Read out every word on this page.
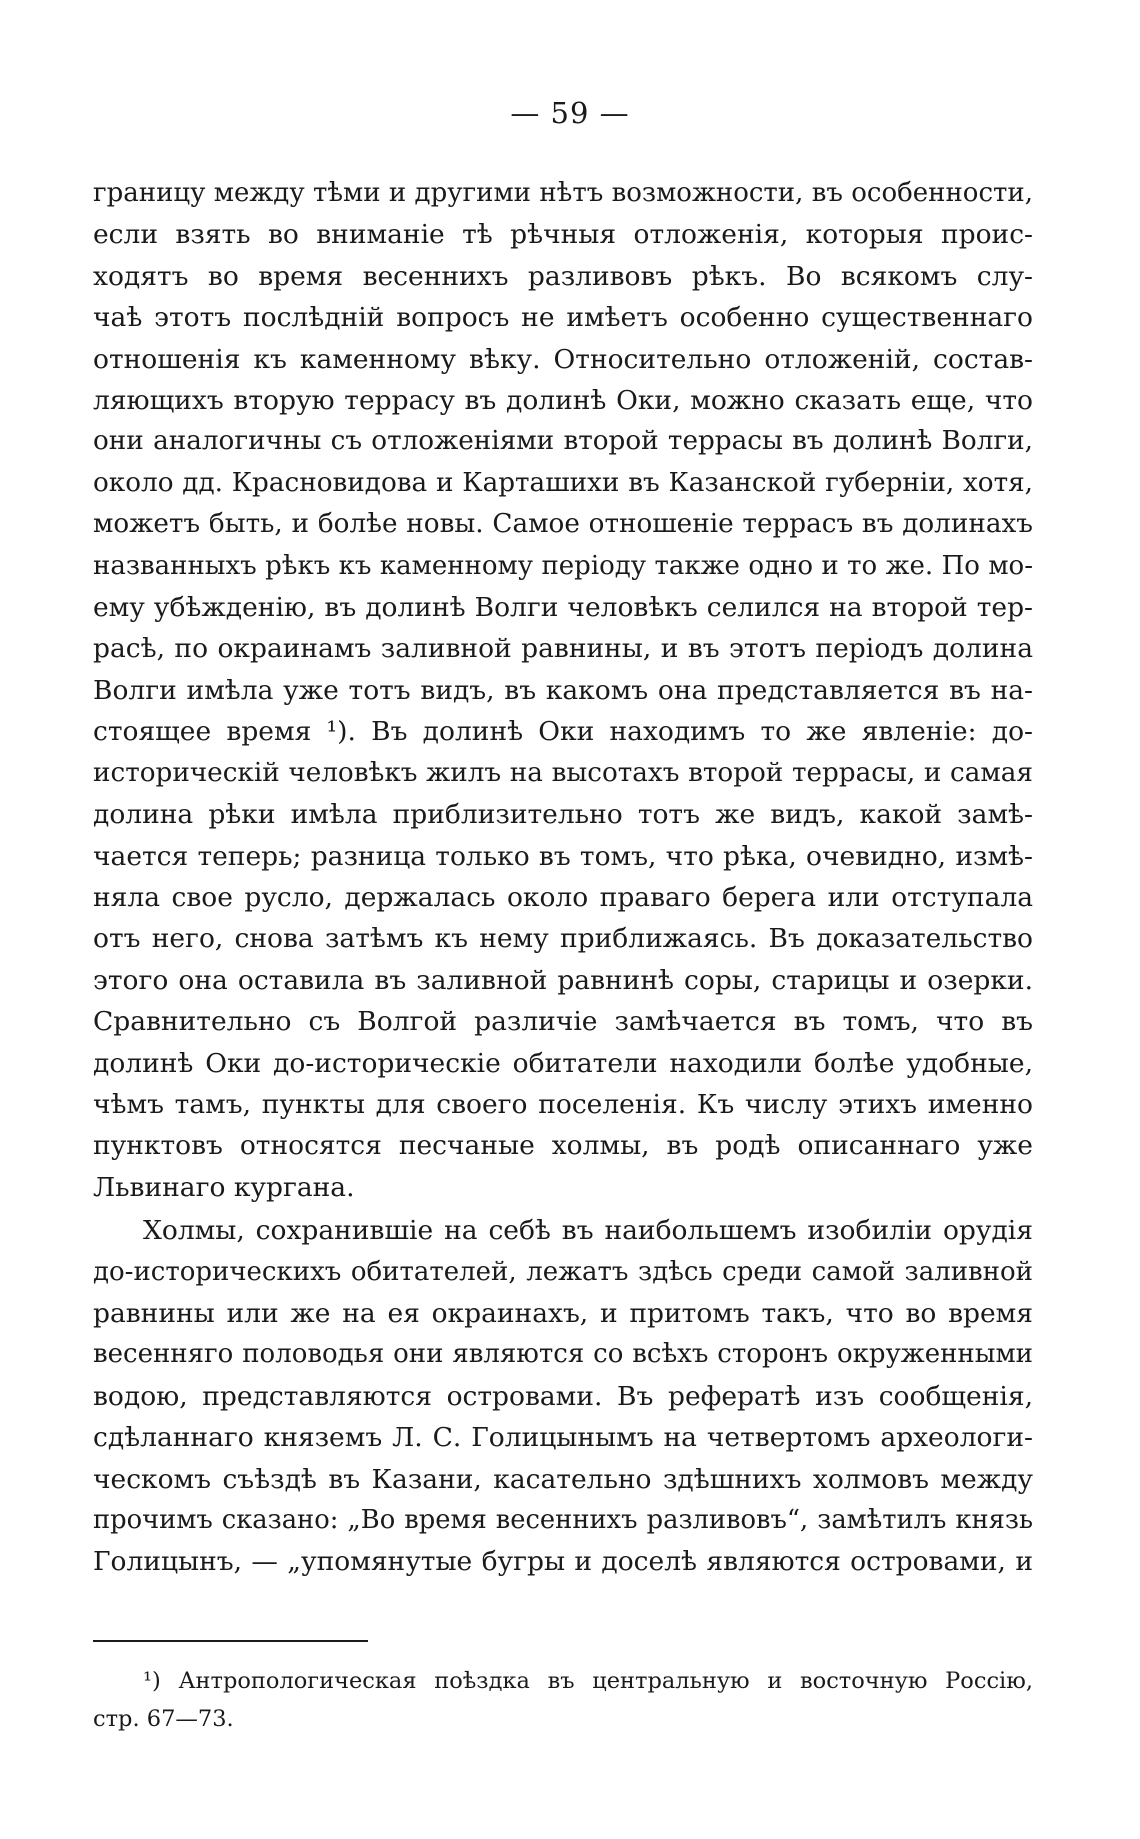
— 59 —
границу между тѣми и другими нѣтъ возможности, въ особенности,
если взять во вниманіе тѣ рѣчныя отложенія, которыя проис-
ходятъ во время весеннихъ разливовъ рѣкъ. Во всякомъ слу-
чаѣ этотъ послѣдній вопросъ не имѣетъ особенно существеннаго
отношенія къ каменному вѣку. Относительно отложеній, состав-
ляющихъ вторую террасу въ долинѣ Оки, можно сказать еще, что
они аналогичны съ отложеніями второй террасы въ долинѣ Волги,
около дд. Красновидова и Карташихи въ Казанской губерніи, хотя,
можетъ быть, и болѣе новы. Самое отношеніе террасъ въ долинахъ
названныхъ рѣкъ къ каменному періоду также одно и то же. По мо-
ему убѣжденію, въ долинѣ Волги человѣкъ селился на второй тер-
расѣ, по окраинамъ заливной равнины, и въ этотъ періодъ долина
Волги имѣла уже тотъ видъ, въ какомъ она представляется въ на-
стоящее время ¹). Въ долинѣ Оки находимъ то же явленіе: до-
историческій человѣкъ жилъ на высотахъ второй террасы, и самая
долина рѣки имѣла приблизительно тотъ же видъ, какой замѣ-
чается теперь; разница только въ томъ, что рѣка, очевидно, измѣ-
няла свое русло, держалась около праваго берега или отступала
отъ него, снова затѣмъ къ нему приближаясь. Въ доказательство
этого она оставила въ заливной равнинѣ соры, старицы и озерки.
Сравнительно съ Волгой различіе замѣчается въ томъ, что въ
долинѣ Оки до-историческіе обитатели находили болѣе удобные,
чѣмъ тамъ, пункты для своего поселенія. Къ числу этихъ именно
пунктовъ относятся песчаные холмы, въ родѣ описаннаго уже
Львинаго кургана.
Холмы, сохранившіе на себѣ въ наибольшемъ изобиліи орудія
до-историческихъ обитателей, лежатъ здѣсь среди самой заливной
равнины или же на ея окраинахъ, и притомъ такъ, что во время
весенняго половодья они являются со всѣхъ сторонъ окруженными
водою, представляются островами. Въ рефератѣ изъ сообщенія,
сдѣланнаго княземъ Л. С. Голицынымъ на четвертомъ археологи-
ческомъ съѣздѣ въ Казани, касательно здѣшнихъ холмовъ между
прочимъ сказано: „Во время весеннихъ разливовъ“, замѣтилъ князь
Голицынъ, — „упомянутые бугры и доселѣ являются островами, и
¹) Антропологическая поѣздка въ центральную и восточную Россію,
стр. 67—73.
